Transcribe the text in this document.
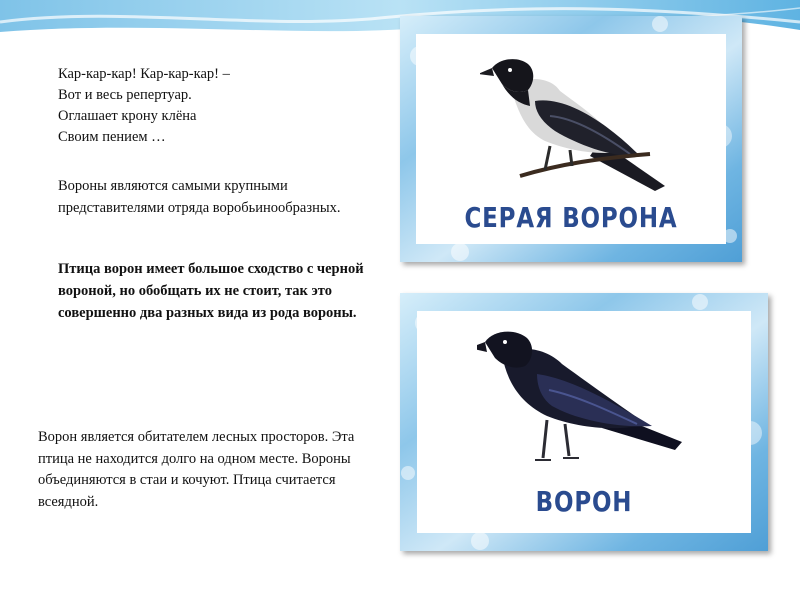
Кар-кар-кар! Кар-кар-кар! –
Вот и весь репертуар.
Оглашает крону клёна
Своим пением …
Вороны являются самыми крупными представителями отряда воробьинообразных.
Птица ворон имеет большое сходство с черной вороной, но обобщать их не стоит, так это совершенно два разных вида из рода вороны.
Ворон является обитателем лесных просторов. Эта птица не находится долго на одном месте. Вороны объединяются в стаи и кочуют. Птица считается всеядной.
СЕРАЯ ВОРОНА
ВОРОН
